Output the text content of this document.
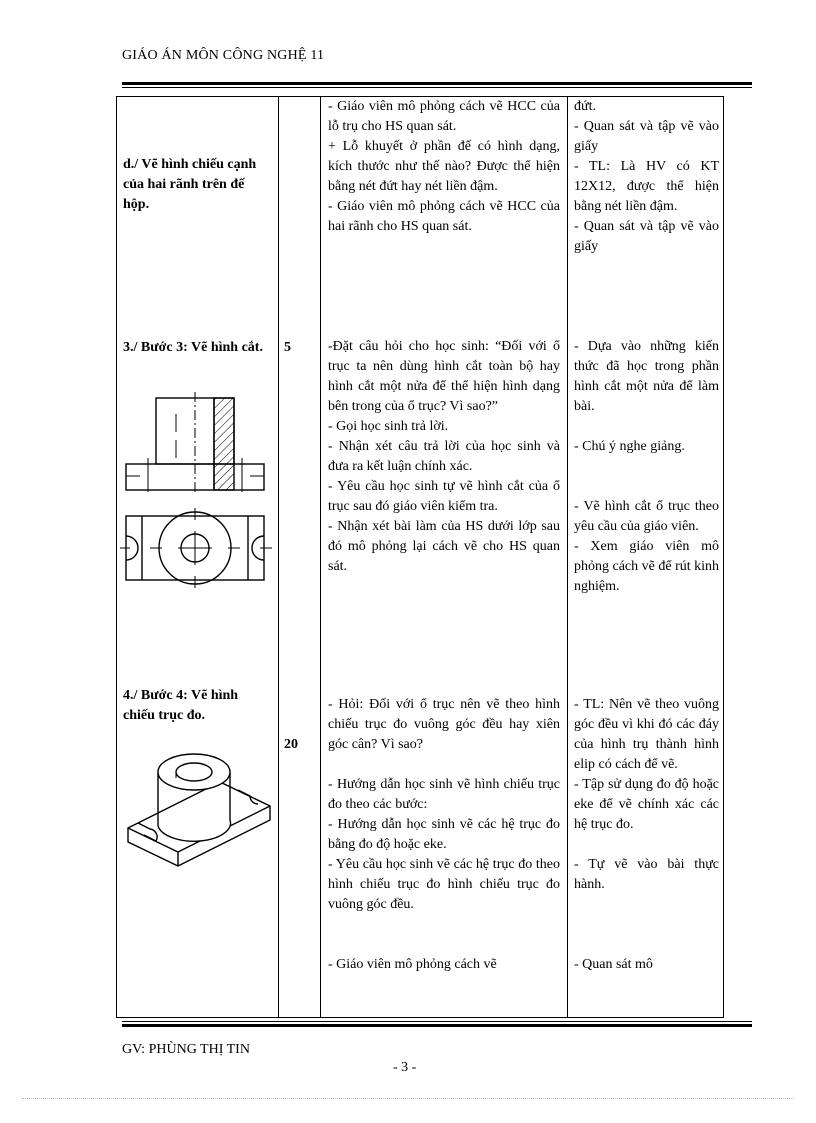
GIÁO ÁN MÔN CÔNG NGHỆ 11
d./ Vẽ hình chiếu cạnh của hai rãnh trên đế hộp.

- Giáo viên mô phỏng cách vẽ HCC của lỗ trụ cho HS quan sát.

+ Lỗ khuyết ở phần đế có hình dạng, kích thước như thế nào? Được thể hiện bằng nét đứt hay nét liền đậm.

- Giáo viên mô phỏng cách vẽ HCC của hai rãnh cho HS quan sát.

đứt.

- Quan sát và tập vẽ vào giấy

- TL: Là HV có KT 12X12, được thể hiện bằng nét liền đậm.

- Quan sát và tập vẽ vào giấy

3./ Bước 3: Vẽ hình cắt.	5	-Đặt câu hỏi cho học sinh: “Đối với ổ trục ta nên dùng hình cắt toàn bộ hay hình cắt một nửa để thể hiện hình dạng bên trong của ổ trục? Vì sao?”

- Gọi học sinh trả lời.

- Nhận xét câu trả lời của học sinh và đưa ra kết luận chính xác.

- Yêu cầu học sinh tự vẽ hình cắt của ổ trục sau đó giáo viên kiểm tra.

- Nhận xét bài làm của HS dưới lớp sau đó mô phỏng lại cách vẽ cho HS quan sát.

- Dựa vào những kiến thức đã học trong phần hình cắt một nửa để làm bài.

- Chú ý nghe giảng.

- Vẽ hình cắt ổ trục theo yêu cầu của giáo viên.

- Xem giáo viên mô phỏng cách vẽ để rút kinh nghiệm.

4./ Bước 4: Vẽ hình chiếu trục đo.
20

- Hỏi: Đối với ổ trục nên vẽ theo hình chiếu trục đo vuông góc đều hay xiên góc cân? Vì sao?

- Hướng dẫn học sinh vẽ hình chiếu trục đo theo các bước:

- Hướng dẫn học sinh vẽ các hệ trục đo bằng đo độ hoặc eke.

- Yêu cầu học sinh vẽ các hệ trục đo theo hình chiếu trục đo hình chiếu trục đo vuông góc đều.

- Giáo viên mô phỏng cách vẽ

- TL: Nên vẽ theo vuông góc đều vì khi đó các đáy của hình trụ thành hình elip có cách để vẽ.

- Tập sử dụng đo độ hoặc eke để vẽ chính xác các hệ trục đo.

- Tự vẽ vào bài thực hành.

- Quan sát mô

GV: PHÙNG THỊ TIN
- 3 -
